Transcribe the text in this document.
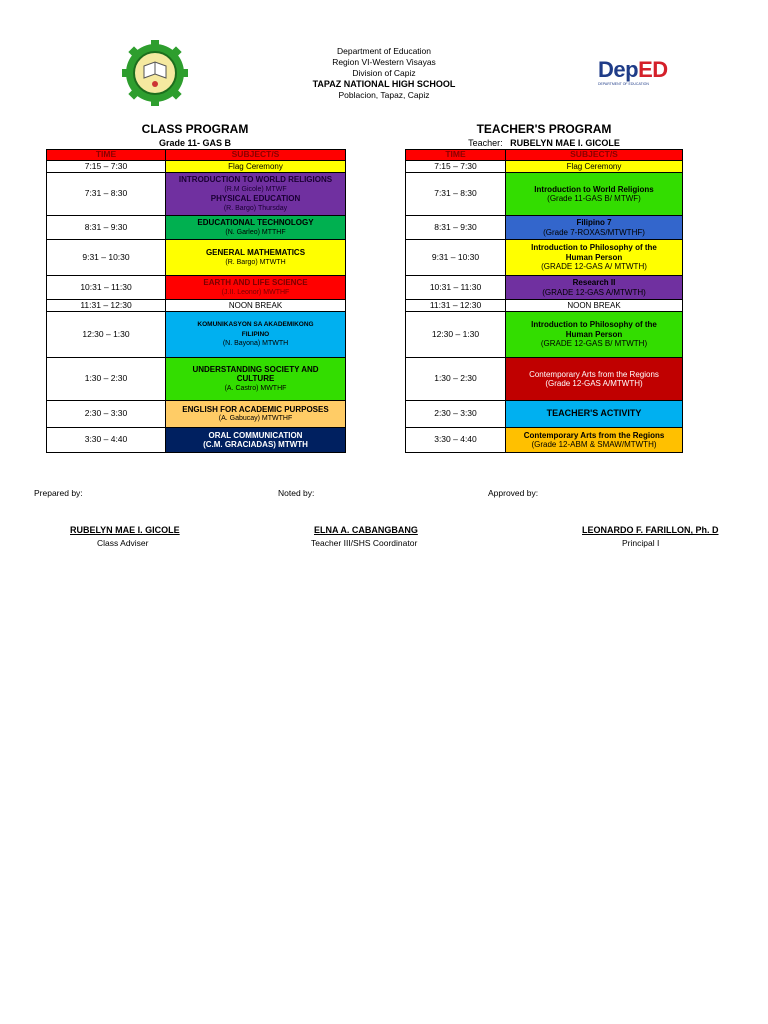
DepED
DEPARTMENT OF EDUCATION
Department of Education
Region VI-Western Visayas
Division of Capiz
TAPAZ NATIONAL HIGH SCHOOL
Poblacion, Tapaz, Capiz
CLASS PROGRAM
Grade 11- GAS B
TIME	SUBJECT/S
7:15 – 7:30	Flag Ceremony
7:31 – 8:30	INTRODUCTION TO WORLD RELIGIONS
(R.M Gicole) MTWF
PHYSICAL EDUCATION
(R. Bargo) Thursday

8:31 – 9:30	EDUCATIONAL TECHNOLOGY
(N. Garleo) MTTHF

9:31 – 10:30	GENERAL MATHEMATICS
(R. Bargo) MTWTH

10:31 – 11:30	EARTH AND LIFE SCIENCE
(J.II. Leonor) MWTHF

11:31 – 12:30	NOON BREAK
12:30 – 1:30	KOMUNIKASYON SA AKADEMIKONG
FILIPINO
(N. Bayona) MTWTH

1:30 – 2:30	UNDERSTANDING SOCIETY AND
CULTURE
(A. Castro) MWTHF

2:30 – 3:30	ENGLISH FOR ACADEMIC PURPOSES
(A. Gabucay) MTWTHF

3:30 – 4:40	ORAL COMMUNICATION
(C.M. GRACIADAS) MTWTH
TEACHER'S PROGRAM
Teacher: RUBELYN MAE I. GICOLE
TIME	SUBJECT/S
7:15 – 7:30	Flag Ceremony
7:31 – 8:30	Introduction to World Religions
(Grade 11-GAS B/ MTWF)

8:31 – 9:30	Filipino 7
(Grade 7-ROXAS/MTWTHF)

9:31 – 10:30	Introduction to Philosophy of the
Human Person
(GRADE 12-GAS A/ MTWTH)

10:31 – 11:30	Research II
(GRADE 12-GAS A/MTWTH)

11:31 – 12:30	NOON BREAK
12:30 – 1:30	Introduction to Philosophy of the
Human Person
(GRADE 12-GAS B/ MTWTH)

1:30 – 2:30	Contemporary Arts from the Regions
(Grade 12-GAS A/MTWTH)

2:30 – 3:30	TEACHER'S ACTIVITY

3:30 – 4:40	Contemporary Arts from the Regions
(Grade 12-ABM & SMAW/MTWTH)
Prepared by:	Noted by:	Approved by:
RUBELYN MAE I. GICOLE
Class Adviser
ELNA A. CABANGBANG
Teacher III/SHS Coordinator
LEONARDO F. FARILLON, Ph. D
Principal I
